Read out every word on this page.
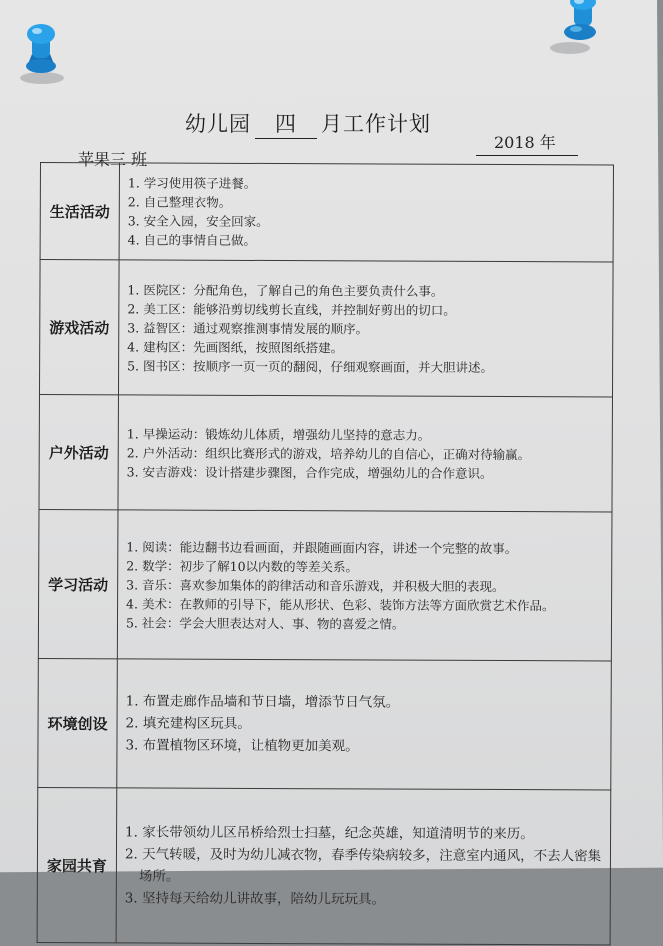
幼儿园 四 月工作计划
2018 年
苹果三 班
生活活动	1. 学习使用筷子进餐。
2. 自己整理衣物。
3. 安全入园，安全回家。
4. 自己的事情自己做。

游戏活动	1. 医院区：分配角色，了解自己的角色主要负责什么事。
2. 美工区：能够沿剪切线剪长直线，并控制好剪出的切口。
3. 益智区：通过观察推测事情发展的顺序。
4. 建构区：先画图纸，按照图纸搭建。
5. 图书区：按顺序一页一页的翻阅，仔细观察画面，并大胆讲述。

户外活动	1. 早操运动：锻炼幼儿体质，增强幼儿坚持的意志力。
2. 户外活动：组织比赛形式的游戏，培养幼儿的自信心，正确对待输赢。
3. 安吉游戏：设计搭建步骤图，合作完成，增强幼儿的合作意识。

学习活动	1. 阅读：能边翻书边看画面，并跟随画面内容，讲述一个完整的故事。
2. 数学：初步了解10以内数的等差关系。
3. 音乐：喜欢参加集体的韵律活动和音乐游戏，并积极大胆的表现。
4. 美术：在教师的引导下，能从形状、色彩、装饰方法等方面欣赏艺术作品。
5. 社会：学会大胆表达对人、事、物的喜爱之情。

环境创设	1. 布置走廊作品墙和节日墙，增添节日气氛。
2. 填充建构区玩具。
3. 布置植物区环境，让植物更加美观。

家园共育	1. 家长带领幼儿区吊桥给烈士扫墓，纪念英雄，知道清明节的来历。
2. 天气转暖，及时为幼儿减衣物，春季传染病较多，注意室内通风，不去人密集场所。
3. 坚持每天给幼儿讲故事，陪幼儿玩玩具。
